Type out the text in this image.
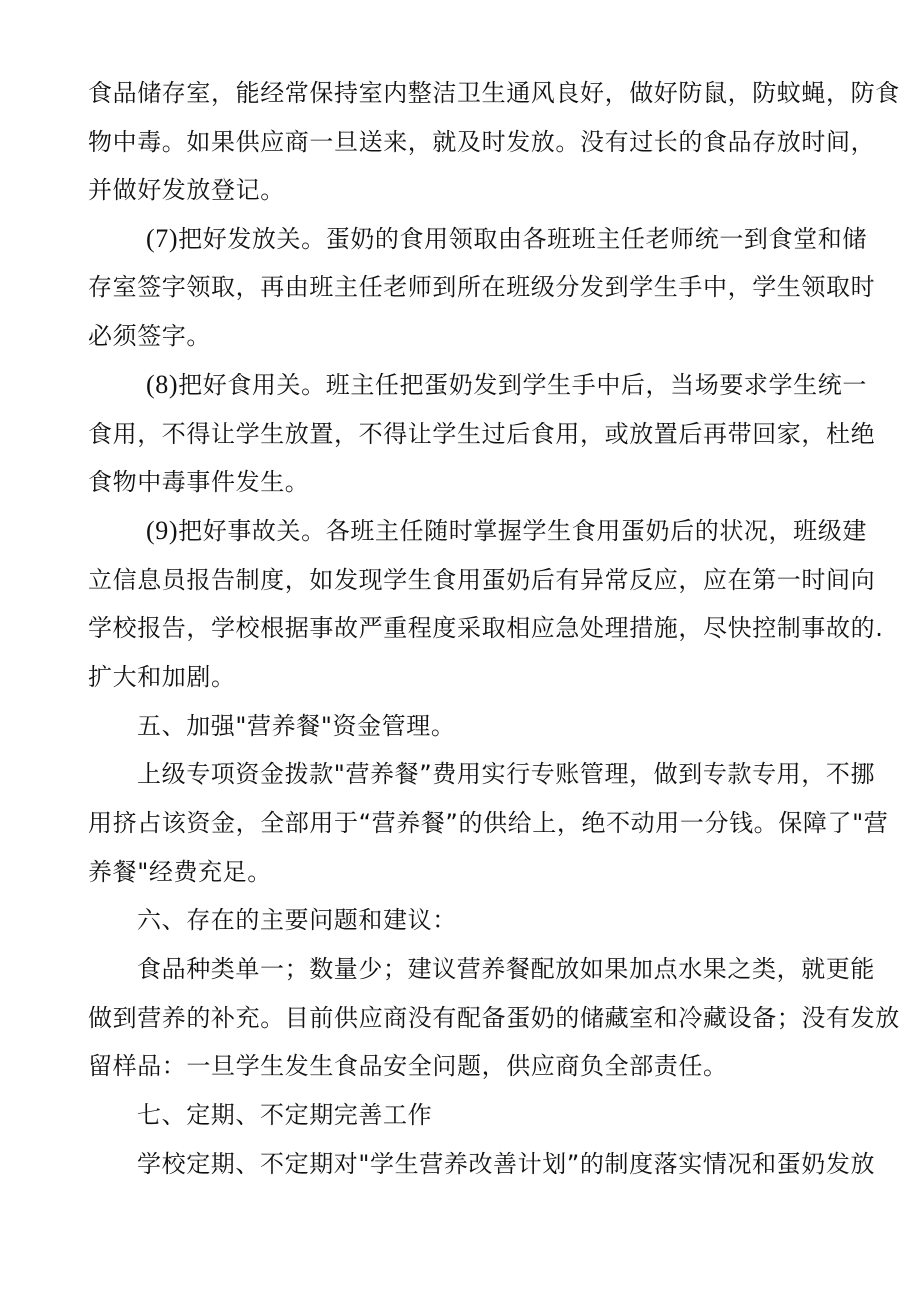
食品储存室，能经常保持室内整洁卫生通风良好，做好防鼠，防蚊蝇，防食

物中毒。如果供应商一旦送来，就及时发放。没有过长的食品存放时间，

并做好发放登记。

(7)把好发放关。蛋奶的食用领取由各班班主任老师统一到食堂和储

存室签字领取，再由班主任老师到所在班级分发到学生手中，学生领取时

必须签字。

(8)把好食用关。班主任把蛋奶发到学生手中后，当场要求学生统一

食用，不得让学生放置，不得让学生过后食用，或放置后再带回家，杜绝

食物中毒事件发生。

(9)把好事故关。各班主任随时掌握学生食用蛋奶后的状况，班级建

立信息员报告制度，如发现学生食用蛋奶后有异常反应，应在第一时间向

学校报告，学校根据事故严重程度采取相应急处理措施，尽快控制事故的.

扩大和加剧。

五、加强"营养餐"资金管理。

上级专项资金拨款"营养餐”费用实行专账管理，做到专款专用，不挪

用挤占该资金，全部用于“营养餐”的供给上，绝不动用一分钱。保障了"营

养餐"经费充足。

六、存在的主要问题和建议：

食品种类单一；数量少；建议营养餐配放如果加点水果之类，就更能

做到营养的补充。目前供应商没有配备蛋奶的储藏室和冷藏设备；没有发放

留样品：一旦学生发生食品安全问题，供应商负全部责任。

七、定期、不定期完善工作

学校定期、不定期对"学生营养改善计划”的制度落实情况和蛋奶发放
